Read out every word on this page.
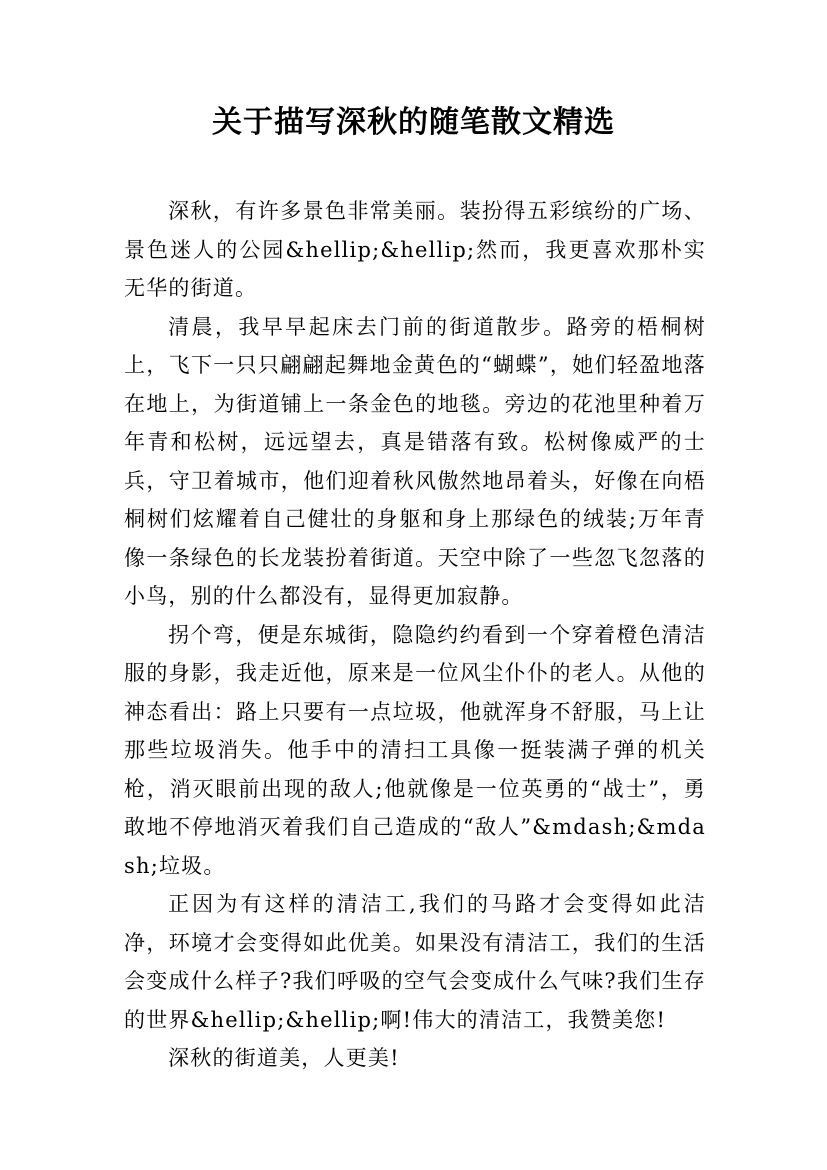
关于描写深秋的随笔散文精选

深秋，有许多景色非常美丽。装扮得五彩缤纷的广场、景色迷人的公园&hellip;&hellip;然而，我更喜欢那朴实无华的街道。

清晨，我早早起床去门前的街道散步。路旁的梧桐树上，飞下一只只翩翩起舞地金黄色的“蝴蝶”，她们轻盈地落在地上，为街道铺上一条金色的地毯。旁边的花池里种着万年青和松树，远远望去，真是错落有致。松树像威严的士兵，守卫着城市，他们迎着秋风傲然地昂着头，好像在向梧桐树们炫耀着自己健壮的身躯和身上那绿色的绒装;万年青像一条绿色的长龙装扮着街道。天空中除了一些忽飞忽落的小鸟，别的什么都没有，显得更加寂静。

拐个弯，便是东城街，隐隐约约看到一个穿着橙色清洁服的身影，我走近他，原来是一位风尘仆仆的老人。从他的神态看出：路上只要有一点垃圾，他就浑身不舒服，马上让那些垃圾消失。他手中的清扫工具像一挺装满子弹的机关枪，消灭眼前出现的敌人;他就像是一位英勇的“战士”，勇敢地不停地消灭着我们自己造成的“敌人”&mdash;&mdash;垃圾。

正因为有这样的清洁工,我们的马路才会变得如此洁净，环境才会变得如此优美。如果没有清洁工，我们的生活会变成什么样子?我们呼吸的空气会变成什么气味?我们生存的世界&hellip;&hellip;啊!伟大的清洁工，我赞美您!

深秋的街道美，人更美!
